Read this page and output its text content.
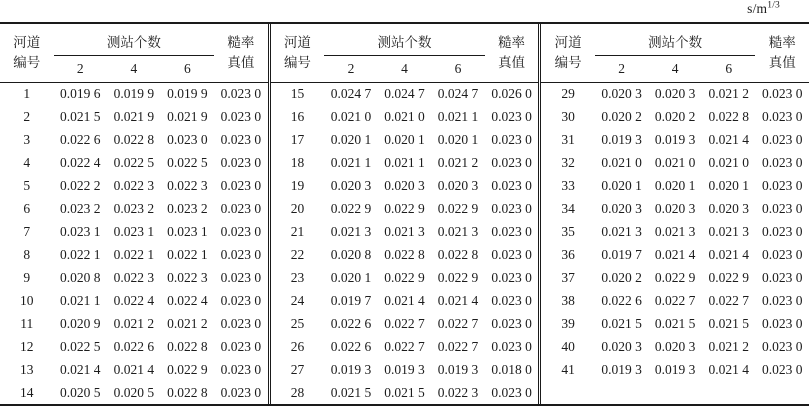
$s/m^{1/3}$
河道
编号	测站个数			糙率
真值

	2	4	6	
1	0.019 6	0.019 9	0.019 9	0.023 0
2	0.021 5	0.021 9	0.021 9	0.023 0
3	0.022 6	0.022 8	0.023 0	0.023 0
4	0.022 4	0.022 5	0.022 5	0.023 0
5	0.022 2	0.022 3	0.022 3	0.023 0
6	0.023 2	0.023 2	0.023 2	0.023 0
7	0.023 1	0.023 1	0.023 1	0.023 0
8	0.022 1	0.022 1	0.022 1	0.023 0
9	0.020 8	0.022 3	0.022 3	0.023 0
10	0.021 1	0.022 4	0.022 4	0.023 0
11	0.020 9	0.021 2	0.021 2	0.023 0
12	0.022 5	0.022 6	0.022 8	0.023 0
13	0.021 4	0.021 4	0.022 9	0.023 0
14	0.020 5	0.020 5	0.022 8	0.023 0
河道
编号	测站个数			糙率
真值

	2	4	6	
15	0.024 7	0.024 7	0.024 7	0.026 0
16	0.021 0	0.021 0	0.021 1	0.023 0
17	0.020 1	0.020 1	0.020 1	0.023 0
18	0.021 1	0.021 1	0.021 2	0.023 0
19	0.020 3	0.020 3	0.020 3	0.023 0
20	0.022 9	0.022 9	0.022 9	0.023 0
21	0.021 3	0.021 3	0.021 3	0.023 0
22	0.020 8	0.022 8	0.022 8	0.023 0
23	0.020 1	0.022 9	0.022 9	0.023 0
24	0.019 7	0.021 4	0.021 4	0.023 0
25	0.022 6	0.022 7	0.022 7	0.023 0
26	0.022 6	0.022 7	0.022 7	0.023 0
27	0.019 3	0.019 3	0.019 3	0.018 0
28	0.021 5	0.021 5	0.022 3	0.023 0
河道
编号	测站个数			糙率
真值

	2	4	6	
29	0.020 3	0.020 3	0.021 2	0.023 0
30	0.020 2	0.020 2	0.022 8	0.023 0
31	0.019 3	0.019 3	0.021 4	0.023 0
32	0.021 0	0.021 0	0.021 0	0.023 0
33	0.020 1	0.020 1	0.020 1	0.023 0
34	0.020 3	0.020 3	0.020 3	0.023 0
35	0.021 3	0.021 3	0.021 3	0.023 0
36	0.019 7	0.021 4	0.021 4	0.023 0
37	0.020 2	0.022 9	0.022 9	0.023 0
38	0.022 6	0.022 7	0.022 7	0.023 0
39	0.021 5	0.021 5	0.021 5	0.023 0
40	0.020 3	0.020 3	0.021 2	0.023 0
41	0.019 3	0.019 3	0.021 4	0.023 0
